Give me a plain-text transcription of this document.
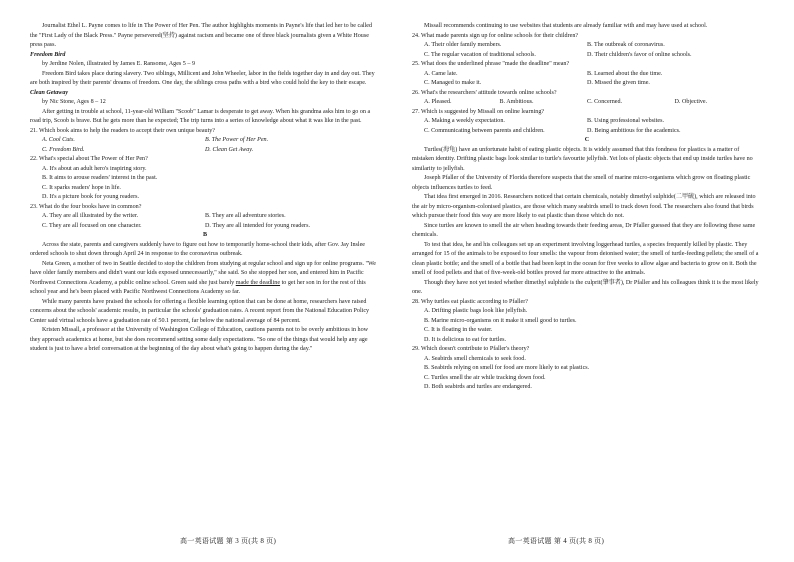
Journalist Ethel L. Payne comes to life in The Power of Her Pen. The author highlights moments in Payne's life that led her to be called the "First Lady of the Black Press." Payne persevered(坚持) against racism and became one of three black journalists given a White House press pass.

Freedom Bird

by Jerdine Nolen, illustrated by James E. Ransome, Ages 5 – 9

Freedom Bird takes place during slavery. Two siblings, Millicent and John Wheeler, labor in the fields together day in and day out. They are both inspired by their parents' dreams of freedom. One day, the siblings cross paths with a bird who could hold the key to their escape.

Clean Getaway

by Nic Stone, Ages 8 – 12

After getting in trouble at school, 11-year-old William "Scoob" Lamar is desperate to get away. When his grandma asks him to go on a road trip, Scoob is brave. But he gets more than he expected; The trip turns into a series of knowledge about what it was like in the past.

21. Which book aims to help the readers to accept their own unique beauty?

A. Cool Cuts.	B. The Power of Her Pen.
C. Freedom Bird.	D. Clean Get Away.

22. What's special about The Power of Her Pen?

A. It's about an adult hero's inspiring story.

B. It aims to arouse readers' interest in the past.

C. It sparks readers' hope in life.

D. It's a picture book for young readers.

23. What do the four books have in common?

A. They are all illustrated by the writer.	B. They are all adventure stories.
C. They are all focused on one character.	D. They are all intended for young readers.

B

Across the state, parents and caregivers suddenly have to figure out how to temporarily home-school their kids, after Gov. Jay Inslee ordered schools to shut down through April 24 in response to the coronavirus outbreak.

Neta Green, a mother of two in Seattle decided to stop the children from studying at regular school and sign up for online programs. "We have older family members and didn't want our kids exposed unnecessarily," she said. So she stopped her son, and entered him in Pacific Northwest Connections Academy, a public online school. Green said she just barely made the deadline to get her son in for the rest of this school year and he's been placed with Pacific Northwest Connections Academy so far.

While many parents have praised the schools for offering a flexible learning option that can be done at home, researchers have raised concerns about the schools' academic results, in particular the schools' graduation rates. A recent report from the National Education Policy Center said virtual schools have a graduation rate of 50.1 percent, far below the national average of 84 percent.

Kristen Missall, a professor at the University of Washington College of Education, cautions parents not to be overly ambitious in how they approach academics at home, but she does recommend setting some daily expectations. "So one of the things that would help any age student is just to have a brief conversation at the beginning of the day about what's going to happen during the day."

Missall recommends continuing to use websites that students are already familiar with and may have used at school.

24. What made parents sign up for online schools for their children?

A. Their older family members.	B. The outbreak of coronavirus.
C. The regular vacation of traditional schools.	D. Their children's favor of online schools.

25. What does the underlined phrase "made the deadline" mean?

A. Came late.	B. Learned about the due time.
C. Managed to make it.	D. Missed the given time.

26. What's the researchers' attitude towards online schools?

A. Pleased.	B. Ambitious.	C. Concerned.	D. Objective.

27. Which is suggested by Missall on online learning?

A. Making a weekly expectation.	B. Using professional websites.
C. Communicating between parents and children.	D. Being ambitious for the academics.

C

Turtles(海龟) have an unfortunate habit of eating plastic objects. It is widely assumed that this fondness for plastics is a matter of mistaken identity. Drifting plastic bags look similar to turtle's favourite jellyfish. Yet lots of plastic objects that end up inside turtles have no similarity to jellyfish.

Joseph Pfaller of the University of Florida therefore suspects that the smell of marine micro-organisms which grow on floating plastic objects influences turtles to feed.

That idea first emerged in 2016. Researchers noticed that certain chemicals, notably dimethyl sulphide(二甲硫), which are released into the air by micro-organism-colonised plastics, are those which many seabirds smell to track down food. The researchers also found that birds which pursue their food this way are more likely to eat plastic than those which do not.

Since turtles are known to smell the air when heading towards their feeding areas, Dr Pfaller guessed that they are following these same chemicals.

To test that idea, he and his colleagues set up an experiment involving loggerhead turtles, a species frequently killed by plastic. They arranged for 15 of the animals to be exposed to four smells: the vapour from deionised water; the smell of turtle-feeding pellets; the smell of a clean plastic bottle; and the smell of a bottle that had been kept in the ocean for five weeks to allow algae and bacteria to grow on it. Both the smell of food pellets and that of five-week-old bottles proved far more attractive to the animals.

Though they have not yet tested whether dimethyl sulphide is the culprit(肇事者), Dr Pfaller and his colleagues think it is the most likely one.

28. Why turtles eat plastic according to Pfaller?

A. Drifting plastic bags look like jellyfish.

B. Marine micro-organisms on it make it smell good to turtles.

C. It is floating in the water.

D. It is delicious to eat for turtles.

29. Which doesn't contribute to Pfaller's theory?

A. Seabirds smell chemicals to seek food.

B. Seabirds relying on smell for food are more likely to eat plastics.

C. Turtles smell the air while tracking down food.

D. Both seabirds and turtles are endangered.

高一英语试题 第 3 页(共 8 页)	高一英语试题 第 4 页(共 8 页)
